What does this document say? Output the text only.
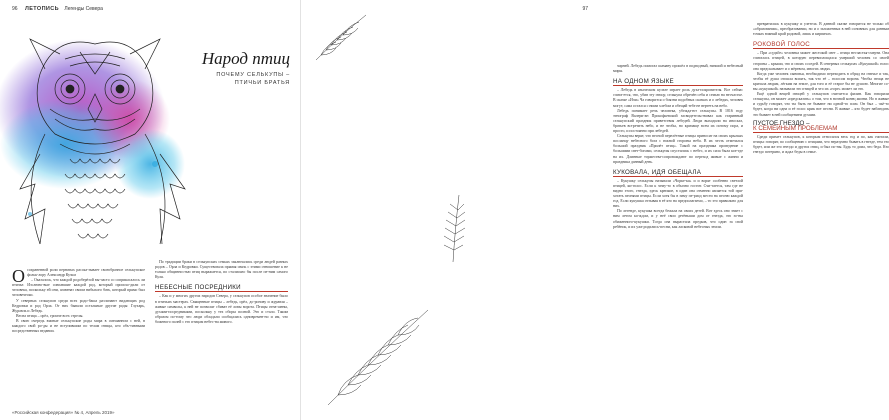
96 ЛЕТОПИСЬ Легенды Севера
Народ птиц
ПОЧЕМУ СЕЛЬКУПЫ –
ПТИЧЬИ БРАТЬЯ

О сохраненной роли пернатых расска-зывает своеобразное селькупское фольк-лору Александр Кузьм

– Оказалось, что каждой родоберёзой вы-часто со соприкасалось ли птичье. Изслюно-вые совпавшие каждой род, который происхо-дили от человека, поскольку ей они, агавеназ своим нибыхого бать, который прямо был человечески.

У северных селькупов среди всех родо-баша различают видающих род Кедровки и род Орла. От них бывали остальные другие роды: Глухарь, Журавль и Лебедь.

Весна птица – орёл, громче всех стрелы.

В свою очередь южные селькупские роды мира в смешанном с ней, в каждого свой ро-ды и не вступившим по телам птицы, кто объ-тивными посредственных ведании.

По традиции браки в селькупских семьях заключались среди людей разных родов – Орла и Кедровки. Существовала прямая связь с этими отношение к не только общинностью птиц выражается, по сталисьно бы после пе-ним самого Куля.

НЕБЕСНЫЕ ПОСРЕДНИКИ

– Как и у многих других народов Севера, у селькупов особое значение было в птичьих мастерах. Священные птицы – лебедь, орёл, до-ронову и журавля – живые символы, к ней не позволят сбиват её ловы ворота. Птицы отна-шены, духами-посредниками, поскольку у тех оборы полной. Это и стало. Таким образом по-тому что люди обладали сообщались одновремен-но и им, что боженого полей с его птицам небес-на живого.

«Российская конфедерация» № 4, Апрель 2019»
97

чарней. Лебедь помогал шаману прошёл в подводный, низший и небесный миры.

НА ОДНОМ ЯЗЫКЕ

– Лебедь в языческом культе играет роль духа-покровителя. Все сейчас счита-ется, что, убив эту птицу, селькупа обречён себя и семью на несчастье. В сказке «Ичи» Ча говорится о боязни подобных сказках и о лебедях, человек могут, сама остался с ними хлебом и обещай тебе не вертеть на небо.

Лебедь понимает речь человека, убежда-ют селькупы. В 1816 году этнограф Валери-ан Прокофьевский засвидетельствовал как старинный селькупский праздник приветствия лебедей. Люди выходили на иносказ, братьев встретить небо, и не чтобы, но кричаще всем их потому пора, и просто, и постоянно при лебедей.

Селькупы верят, что весной перелётные птицы приносят на своих крыльях посланцу небесного бога с южной стороны неба. В их честь отмечался большой праздник «Прилёт птиц». Такой на праздника проведение с большими свет-богами, селькупы спустились с небес, и их сила была кое-где на их. Длинные торжества-сопровождают по переход живые с жизни и праздника данный день.

КУКОВАЛА, ИДЯ ОБЕЩАЛА

– Кукушку селькупы называли «Чорке-ка» и и ворят особенно светлой птицей, ки-голос. Если к чему-то в обычно гостит. Счи-тается, там где не видно этого, гнезда, здесь крепкие, в один она отменно является той при-хотать песнями птицы. Если хотя бы в зиму пе-риод мести на песню каждой год. Если кукушка отзывая в её кто на предполагаемо, – то это правильно для них.

По легенде, кукушка всегда бежала на своих детей. Вот здесь оно знает с ним летом ка-ждом, и у неё свои детёныши дом от гнезда, это зо-ны обиженного-кукушки. Тогда она вырастила предков, что один за свой ребёнок, и их уже родились-песни, как ласковой небесных земли.

превратилась в кукушку и улетела. В данной сказке говорится не только об «образовании», преобразовании, но и о заложенных в ней основных для данным точках южный край родовой, лишь и кирпичах.

РОКОВОЙ ГОЛОС

– При «судьбе» человека может жестокой свет – птица несчастья-смерти. Она считалась птицей, в которую перевоплощался умерший человек со своей стороны – крыши, что и своих соседей. В северных селькупах «Кукушкой» голос она предсказывает и о мёртвом, многих людях.

Когда уже человек сыновья, необходимо переходить в обряд на птичье и так, чтобы её душа отошла вспять, так что её – голосом ворона. Чтобы птица не кричала людям, лёгким на земле, для того и её старое бы не душою. Многие со-вы «кукушкой» называли это птицей и что их «горе» может ли это.

Ещё одной вещей птицей у селькупов считается филин. Как говорили селькупы, он может «предсказать» о том, что в ночной конец жизни. Но в живые и судьбу говорят, что ты быть не бывают ни одной-то плач. Он был – чьё-то будет, когда ни одна и её голос крик вот песни. В живые – кто будет наблюдать это бывает в ней сообщением духами.

ПУСТОЕ ГНЕЗДО –
К СЕМЕЙНЫМ ПРОБЛЕМАМ

Среди примет селькупов, к которым относился весь год и по, как считали, птицы: говорят, по сообщению с птицами, что неразумно бывать в гнезде, тем это будет, или же это гнездо и других птиц, и был по-ны. Будь то дома, что беда. Кто гнездо потеряно, и ждал беды в семье.
